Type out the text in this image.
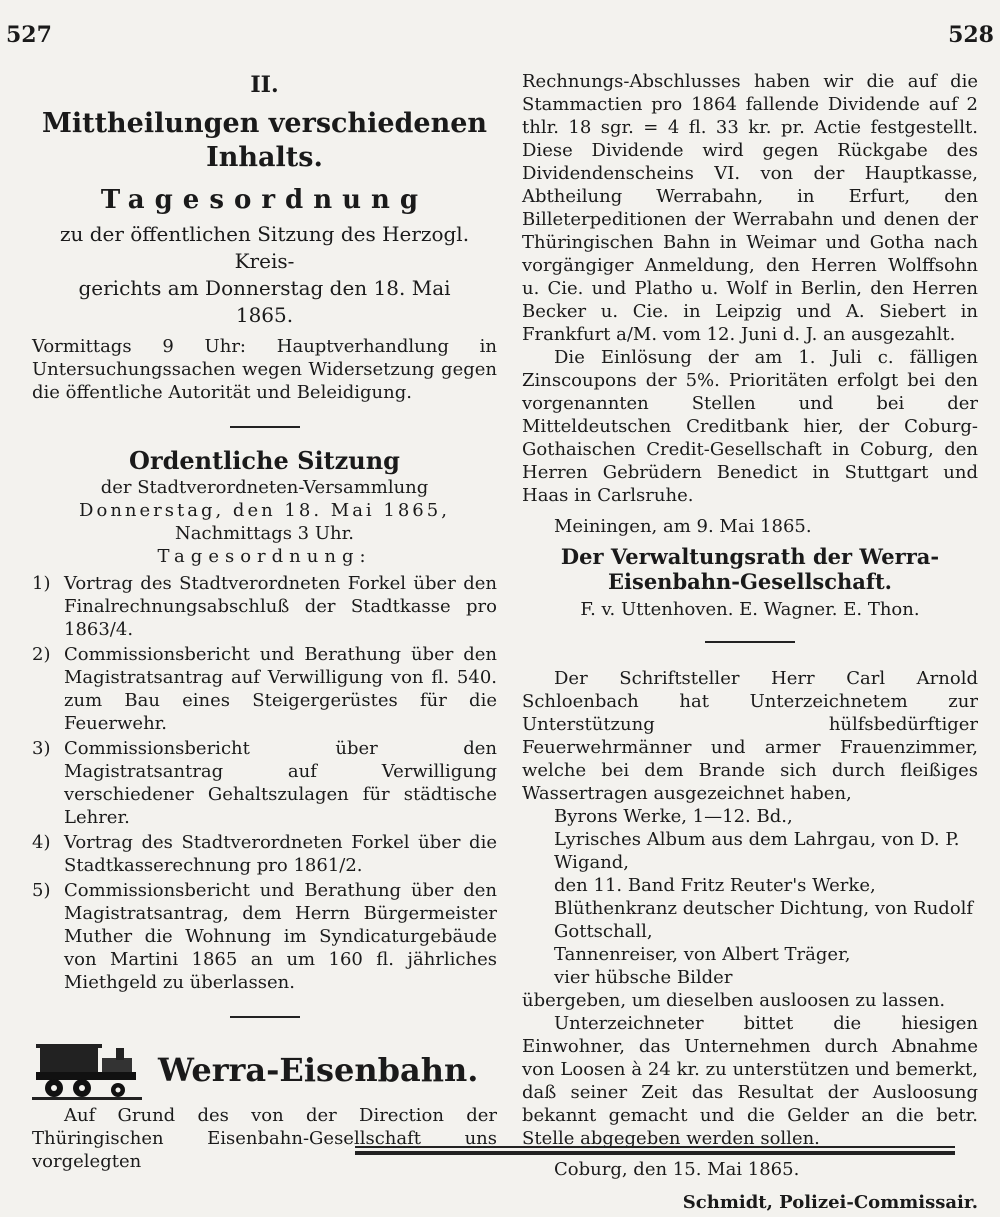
527	528
II.
Mittheilungen verschiedenen Inhalts.
Tagesordnung
zu der öffentlichen Sitzung des Herzogl. Kreis-
gerichts am Donnerstag den 18. Mai
1865.

Vormittags 9 Uhr: Hauptverhandlung in Untersuchungssachen wegen Widersetzung gegen die öffentliche Autorität und Beleidigung.

Ordentliche Sitzung
der Stadtverordneten-Versammlung
Donnerstag, den 18. Mai 1865,
Nachmittags 3 Uhr.
Tagesordnung:
1) Vortrag des Stadtverordneten Forkel über den Finalrechnungsabschluß der Stadtkasse pro 1863/4.
2) Commissionsbericht und Berathung über den Magistratsantrag auf Verwilligung von fl. 540. zum Bau eines Steigergerüstes für die Feuerwehr.
3) Commissionsbericht über den Magistratsantrag auf Verwilligung verschiedener Gehaltszulagen für städtische Lehrer.
4) Vortrag des Stadtverordneten Forkel über die Stadtkasserechnung pro 1861/2.
5) Commissionsbericht und Berathung über den Magistratsantrag, dem Herrn Bürgermeister Muther die Wohnung im Syndicaturgebäude von Martini 1865 an um 160 fl. jährliches Miethgeld zu überlassen.
Werra-Eisenbahn.

Auf Grund des von der Direction der Thüringischen Eisenbahn-Gesellschaft uns vorgelegten

Rechnungs-Abschlusses haben wir die auf die Stammactien pro 1864 fallende Dividende auf 2 thlr. 18 sgr. = 4 fl. 33 kr. pr. Actie festgestellt. Diese Dividende wird gegen Rückgabe des Dividendenscheins VI. von der Hauptkasse, Abtheilung Werrabahn, in Erfurt, den Billeterpeditionen der Werrabahn und denen der Thüringischen Bahn in Weimar und Gotha nach vorgängiger Anmeldung, den Herren Wolffsohn u. Cie. und Platho u. Wolf in Berlin, den Herren Becker u. Cie. in Leipzig und A. Siebert in Frankfurt a/M. vom 12. Juni d. J. an ausgezahlt.

Die Einlösung der am 1. Juli c. fälligen Zinscoupons der 5%. Prioritäten erfolgt bei den vorgenannten Stellen und bei der Mitteldeutschen Creditbank hier, der Coburg-Gothaischen Credit-Gesellschaft in Coburg, den Herren Gebrüdern Benedict in Stuttgart und Haas in Carlsruhe.

Meiningen, am 9. Mai 1865.

Der Verwaltungsrath der Werra-Eisenbahn-Gesellschaft.
F. v. Uttenhoven. E. Wagner. E. Thon.

Der Schriftsteller Herr Carl Arnold Schloenbach hat Unterzeichnetem zur Unterstützung hülfsbedürftiger Feuerwehrmänner und armer Frauenzimmer, welche bei dem Brande sich durch fleißiges Wassertragen ausgezeichnet haben,

Byrons Werke, 1—12. Bd.,
Lyrisches Album aus dem Lahrgau, von D. P. Wigand,
den 11. Band Fritz Reuter's Werke,
Blüthenkranz deutscher Dichtung, von Rudolf Gottschall,
Tannenreiser, von Albert Träger,
vier hübsche Bilder

übergeben, um dieselben ausloosen zu lassen.

Unterzeichneter bittet die hiesigen Einwohner, das Unternehmen durch Abnahme von Loosen à 24 kr. zu unterstützen und bemerkt, daß seiner Zeit das Resultat der Ausloosung bekannt gemacht und die Gelder an die betr. Stelle abgegeben werden sollen.

Coburg, den 15. Mai 1865.

Schmidt, Polizei-Commissair.
